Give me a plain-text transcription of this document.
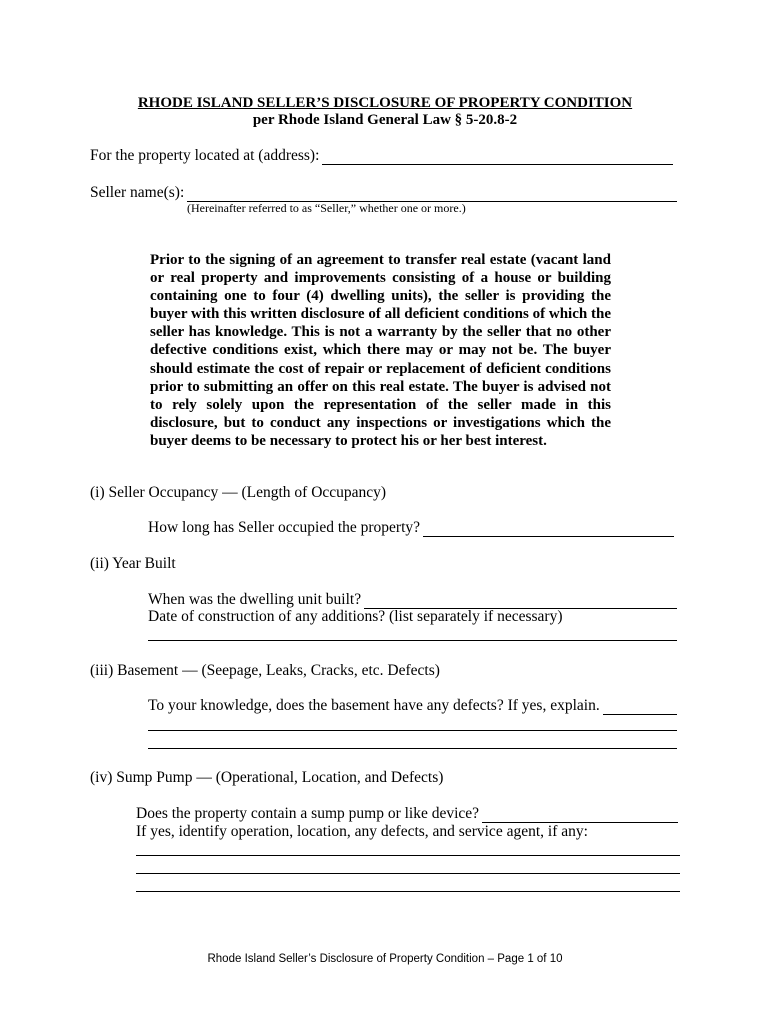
RHODE ISLAND SELLER’S DISCLOSURE OF PROPERTY CONDITION
per Rhode Island General Law § 5-20.8-2
For the property located at (address):
Seller name(s):
(Hereinafter referred to as “Seller,” whether one or more.)
Prior to the signing of an agreement to transfer real estate (vacant land or real property and improvements consisting of a house or building containing one to four (4) dwelling units), the seller is providing the buyer with this written disclosure of all deficient conditions of which the seller has knowledge. This is not a warranty by the seller that no other defective conditions exist, which there may or may not be. The buyer should estimate the cost of repair or replacement of deficient conditions prior to submitting an offer on this real estate. The buyer is advised not to rely solely upon the representation of the seller made in this disclosure, but to conduct any inspections or investigations which the buyer deems to be necessary to protect his or her best interest.
(i) Seller Occupancy — (Length of Occupancy)
How long has Seller occupied the property?
(ii) Year Built
When was the dwelling unit built?
Date of construction of any additions? (list separately if necessary)
(iii) Basement — (Seepage, Leaks, Cracks, etc. Defects)
To your knowledge, does the basement have any defects? If yes, explain.
(iv) Sump Pump — (Operational, Location, and Defects)
Does the property contain a sump pump or like device?
If yes, identify operation, location, any defects, and service agent, if any:
Rhode Island Seller’s Disclosure of Property Condition – Page 1 of 10
